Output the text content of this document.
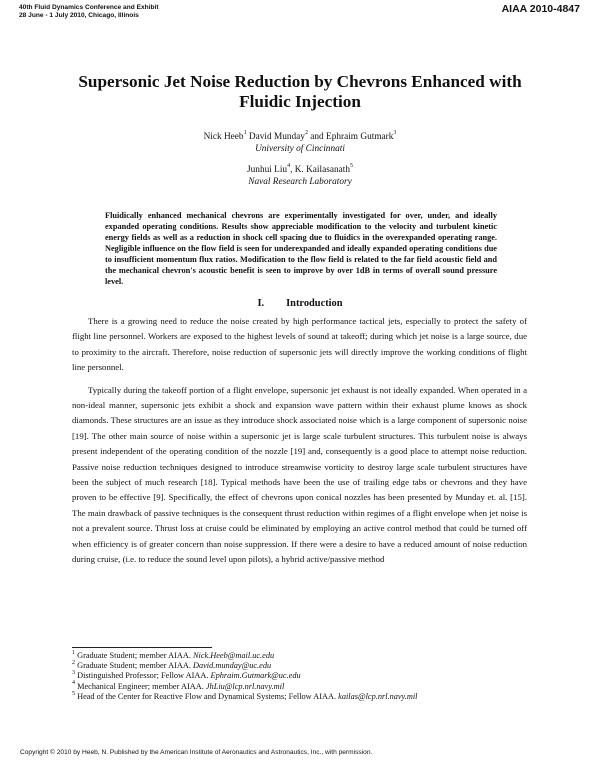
40th Fluid Dynamics Conference and Exhibit
28 June - 1 July 2010, Chicago, Illinois
AIAA 2010-4847
Supersonic Jet Noise Reduction by Chevrons Enhanced with
Fluidic Injection
Nick Heeb$^1$ David Munday$^2$ and Ephraim Gutmark$^3$
University of Cincinnati
Junhui Liu$^4$, K. Kailasanath$^5$
Naval Research Laboratory

Fluidically enhanced mechanical chevrons are experimentally investigated for over, under, and ideally expanded operating conditions. Results show appreciable modification to the velocity and turbulent kinetic energy fields as well as a reduction in shock cell spacing due to fluidics in the overexpanded operating range. Negligible influence on the flow field is seen for underexpanded and ideally expanded operating conditions due to insufficient momentum flux ratios. Modification to the flow field is related to the far field acoustic field and the mechanical chevron's acoustic benefit is seen to improve by over 1dB in terms of overall sound pressure level.

I. Introduction

There is a growing need to reduce the noise created by high performance tactical jets, especially to protect the safety of flight line personnel. Workers are exposed to the highest levels of sound at takeoff; during which jet noise is a large source, due to proximity to the aircraft. Therefore, noise reduction of supersonic jets will directly improve the working conditions of flight line personnel.

Typically during the takeoff portion of a flight envelope, supersonic jet exhaust is not ideally expanded. When operated in a non-ideal manner, supersonic jets exhibit a shock and expansion wave pattern within their exhaust plume knows as shock diamonds. These structures are an issue as they introduce shock associated noise which is a large component of supersonic noise [19]. The other main source of noise within a supersonic jet is large scale turbulent structures. This turbulent noise is always present independent of the operating condition of the nozzle [19] and, consequently is a good place to attempt noise reduction. Passive noise reduction techniques designed to introduce streamwise vorticity to destroy large scale turbulent structures have been the subject of much research [18]. Typical methods have been the use of trailing edge tabs or chevrons and they have proven to be effective [9]. Specifically, the effect of chevrons upon conical nozzles has been presented by Munday et. al. [15]. The main drawback of passive techniques is the consequent thrust reduction within regimes of a flight envelope when jet noise is not a prevalent source. Thrust loss at cruise could be eliminated by employing an active control method that could be turned off when efficiency is of greater concern than noise suppression. If there were a desire to have a reduced amount of noise reduction during cruise, (i.e. to reduce the sound level upon pilots), a hybrid active/passive method

$^1$ Graduate Student; member AIAA. Nick.Heeb@mail.uc.edu
$^2$ Graduate Student; member AIAA. David.munday@uc.edu
$^3$ Distinguished Professor; Fellow AIAA. Ephraim.Gutmark@uc.edu
$^4$ Mechanical Engineer; member AIAA. JhLiu@lcp.nrl.navy.mil
$^5$ Head of the Center for Reactive Flow and Dynamical Systems; Fellow AIAA. kailas@lcp.nrl.navy.mil
Copyright © 2010 by Heeb, N. Published by the American Institute of Aeronautics and Astronautics, Inc., with permission.
